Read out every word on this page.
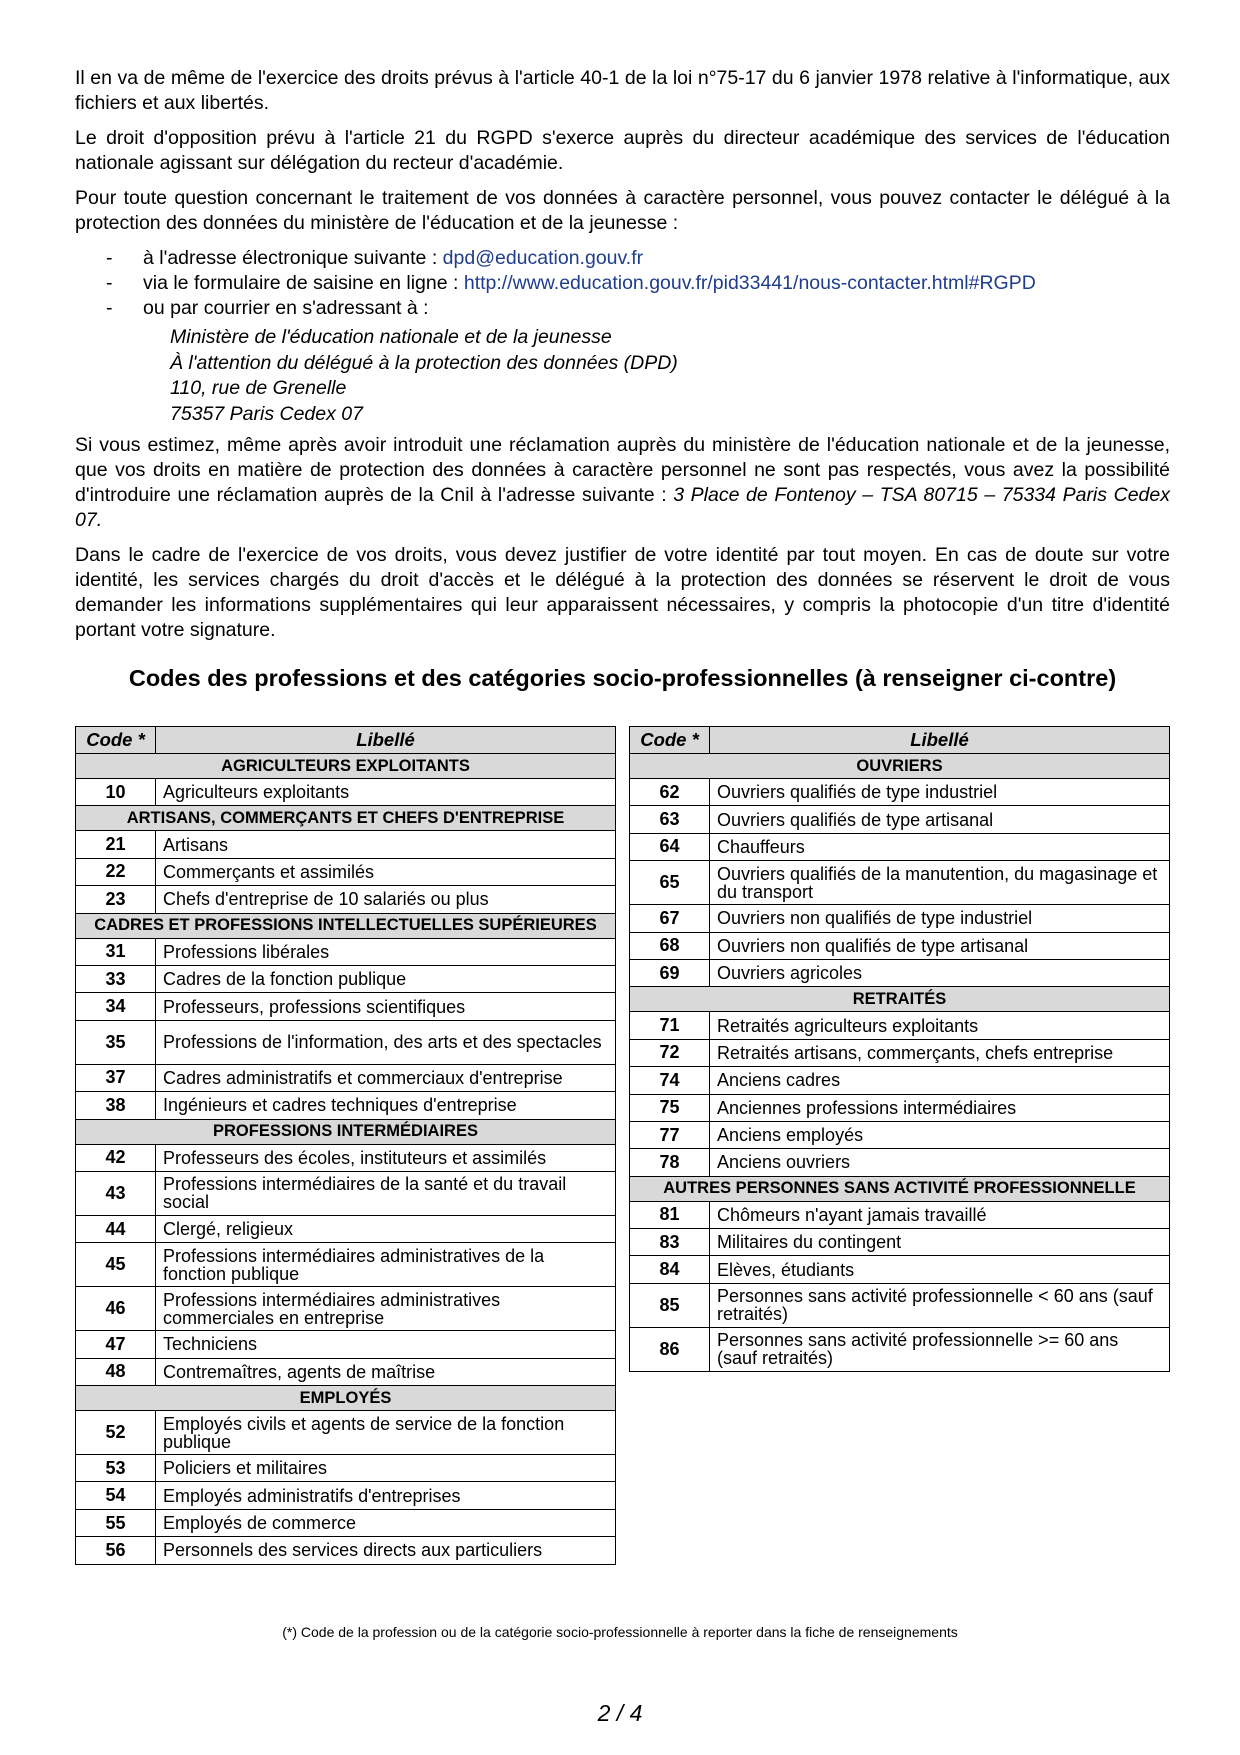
Il en va de même de l'exercice des droits prévus à l'article 40-1 de la loi n°75-17 du 6 janvier 1978 relative à l'informatique, aux fichiers et aux libertés.

Le droit d'opposition prévu à l'article 21 du RGPD s'exerce auprès du directeur académique des services de l'éducation nationale agissant sur délégation du recteur d'académie.

Pour toute question concernant le traitement de vos données à caractère personnel, vous pouvez contacter le délégué à la protection des données du ministère de l'éducation et de la jeunesse :

- à l'adresse électronique suivante : dpd@education.gouv.fr
- via le formulaire de saisine en ligne : http://www.education.gouv.fr/pid33441/nous-contacter.html#RGPD
- ou par courrier en s'adressant à :
Ministère de l'éducation nationale et de la jeunesse
À l'attention du délégué à la protection des données (DPD)
110, rue de Grenelle
75357 Paris Cedex 07

Si vous estimez, même après avoir introduit une réclamation auprès du ministère de l'éducation nationale et de la jeunesse, que vos droits en matière de protection des données à caractère personnel ne sont pas respectés, vous avez la possibilité d'introduire une réclamation auprès de la Cnil à l'adresse suivante : 3 Place de Fontenoy – TSA 80715 – 75334 Paris Cedex 07.

Dans le cadre de l'exercice de vos droits, vous devez justifier de votre identité par tout moyen. En cas de doute sur votre identité, les services chargés du droit d'accès et le délégué à la protection des données se réservent le droit de vous demander les informations supplémentaires qui leur apparaissent nécessaires, y compris la photocopie d'un titre d'identité portant votre signature.

Codes des professions et des catégories socio-professionnelles (à renseigner ci-contre)
Code *	Libellé
AGRICULTEURS EXPLOITANTS	
10	Agriculteurs exploitants
ARTISANS, COMMERÇANTS ET CHEFS D'ENTREPRISE	
21	Artisans
22	Commerçants et assimilés
23	Chefs d'entreprise de 10 salariés ou plus
CADRES ET PROFESSIONS INTELLECTUELLES SUPÉRIEURES	
31	Professions libérales
33	Cadres de la fonction publique
34	Professeurs, professions scientifiques
35	Professions de l'information, des arts et des spectacles
37	Cadres administratifs et commerciaux d'entreprise
38	Ingénieurs et cadres techniques d'entreprise
PROFESSIONS INTERMÉDIAIRES	
42	Professeurs des écoles, instituteurs et assimilés
43	Professions intermédiaires de la santé et du travail social
44	Clergé, religieux
45	Professions intermédiaires administratives de la fonction publique
46	Professions intermédiaires administratives commerciales en entreprise
47	Techniciens
48	Contremaîtres, agents de maîtrise
EMPLOYÉS	
52	Employés civils et agents de service de la fonction publique
53	Policiers et militaires
54	Employés administratifs d'entreprises
55	Employés de commerce
56	Personnels des services directs aux particuliers
Code *	Libellé
OUVRIERS	
62	Ouvriers qualifiés de type industriel
63	Ouvriers qualifiés de type artisanal
64	Chauffeurs
65	Ouvriers qualifiés de la manutention, du magasinage et du transport
67	Ouvriers non qualifiés de type industriel
68	Ouvriers non qualifiés de type artisanal
69	Ouvriers agricoles
RETRAITÉS	
71	Retraités agriculteurs exploitants
72	Retraités artisans, commerçants, chefs entreprise
74	Anciens cadres
75	Anciennes professions intermédiaires
77	Anciens employés
78	Anciens ouvriers
AUTRES PERSONNES SANS ACTIVITÉ PROFESSIONNELLE	
81	Chômeurs n'ayant jamais travaillé
83	Militaires du contingent
84	Elèves, étudiants
85	Personnes sans activité professionnelle < 60 ans (sauf retraités)
86	Personnes sans activité professionnelle >= 60 ans (sauf retraités)
(*) Code de la profession ou de la catégorie socio-professionnelle à reporter dans la fiche de renseignements
2 / 4
